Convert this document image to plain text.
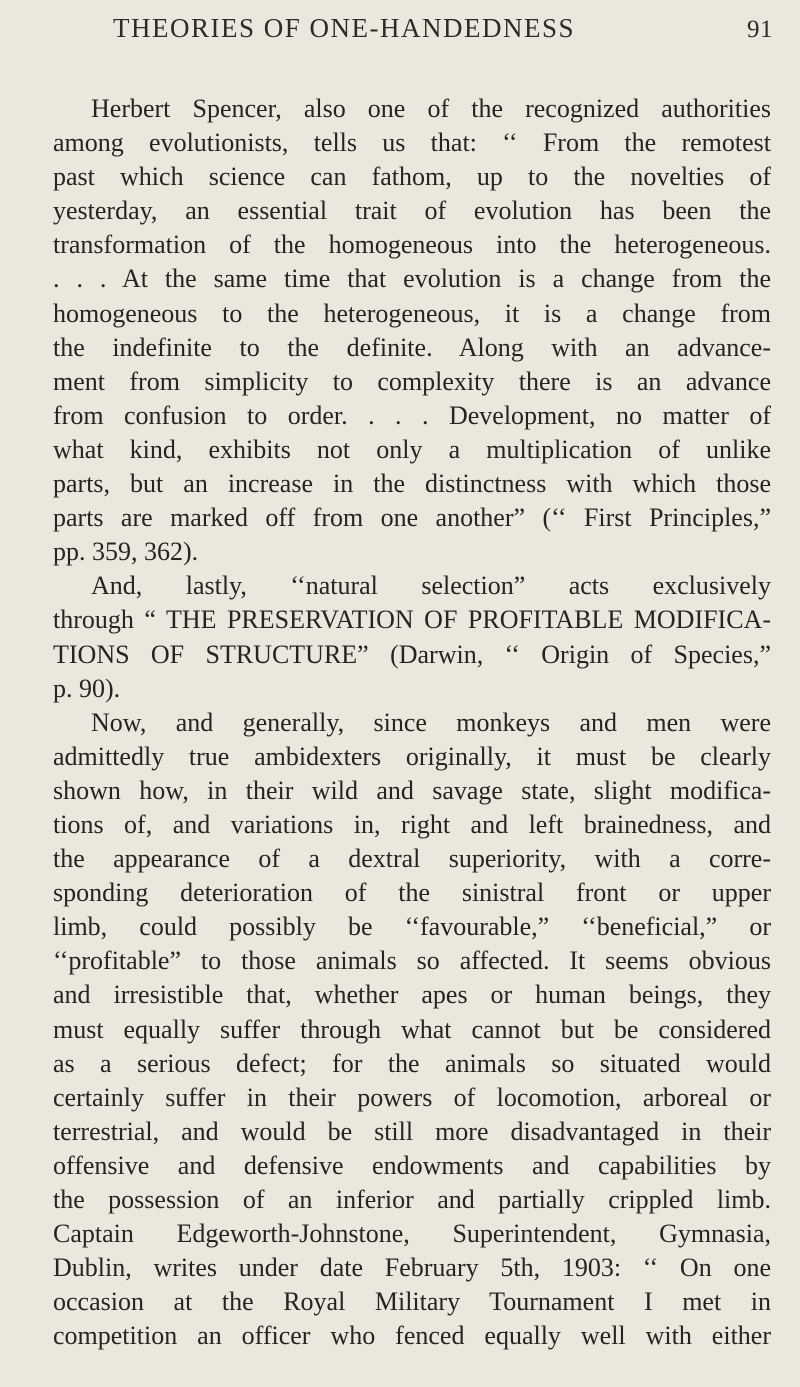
THEORIES OF ONE-HANDEDNESS	91
Herbert Spencer, also one of the recognized authorities
among evolutionists, tells us that: ‘‘ From the remotest
past which science can fathom, up to the novelties of
yesterday, an essential trait of evolution has been the
transformation of the homogeneous into the heterogeneous.
. . . At the same time that evolution is a change from the
homogeneous to the heterogeneous, it is a change from
the indefinite to the definite. Along with an advance-
ment from simplicity to complexity there is an advance
from confusion to order. . . . Development, no matter of
what kind, exhibits not only a multiplication of unlike
parts, but an increase in the distinctness with which those
parts are marked off from one another” (‘‘ First Principles,”
pp. 359, 362).
And, lastly, ‘‘natural selection” acts exclusively
through “ THE PRESERVATION OF PROFITABLE MODIFICA-
TIONS OF STRUCTURE” (Darwin, ‘‘ Origin of Species,”
p. 90).
Now, and generally, since monkeys and men were
admittedly true ambidexters originally, it must be clearly
shown how, in their wild and savage state, slight modifica-
tions of, and variations in, right and left brainedness, and
the appearance of a dextral superiority, with a corre-
sponding deterioration of the sinistral front or upper
limb, could possibly be ‘‘favourable,” ‘‘beneficial,” or
‘‘profitable” to those animals so affected. It seems obvious
and irresistible that, whether apes or human beings, they
must equally suffer through what cannot but be considered
as a serious defect; for the animals so situated would
certainly suffer in their powers of locomotion, arboreal or
terrestrial, and would be still more disadvantaged in their
offensive and defensive endowments and capabilities by
the possession of an inferior and partially crippled limb.
Captain Edgeworth-Johnstone, Superintendent, Gymnasia,
Dublin, writes under date February 5th, 1903: ‘‘ On one
occasion at the Royal Military Tournament I met in
competition an officer who fenced equally well with either
